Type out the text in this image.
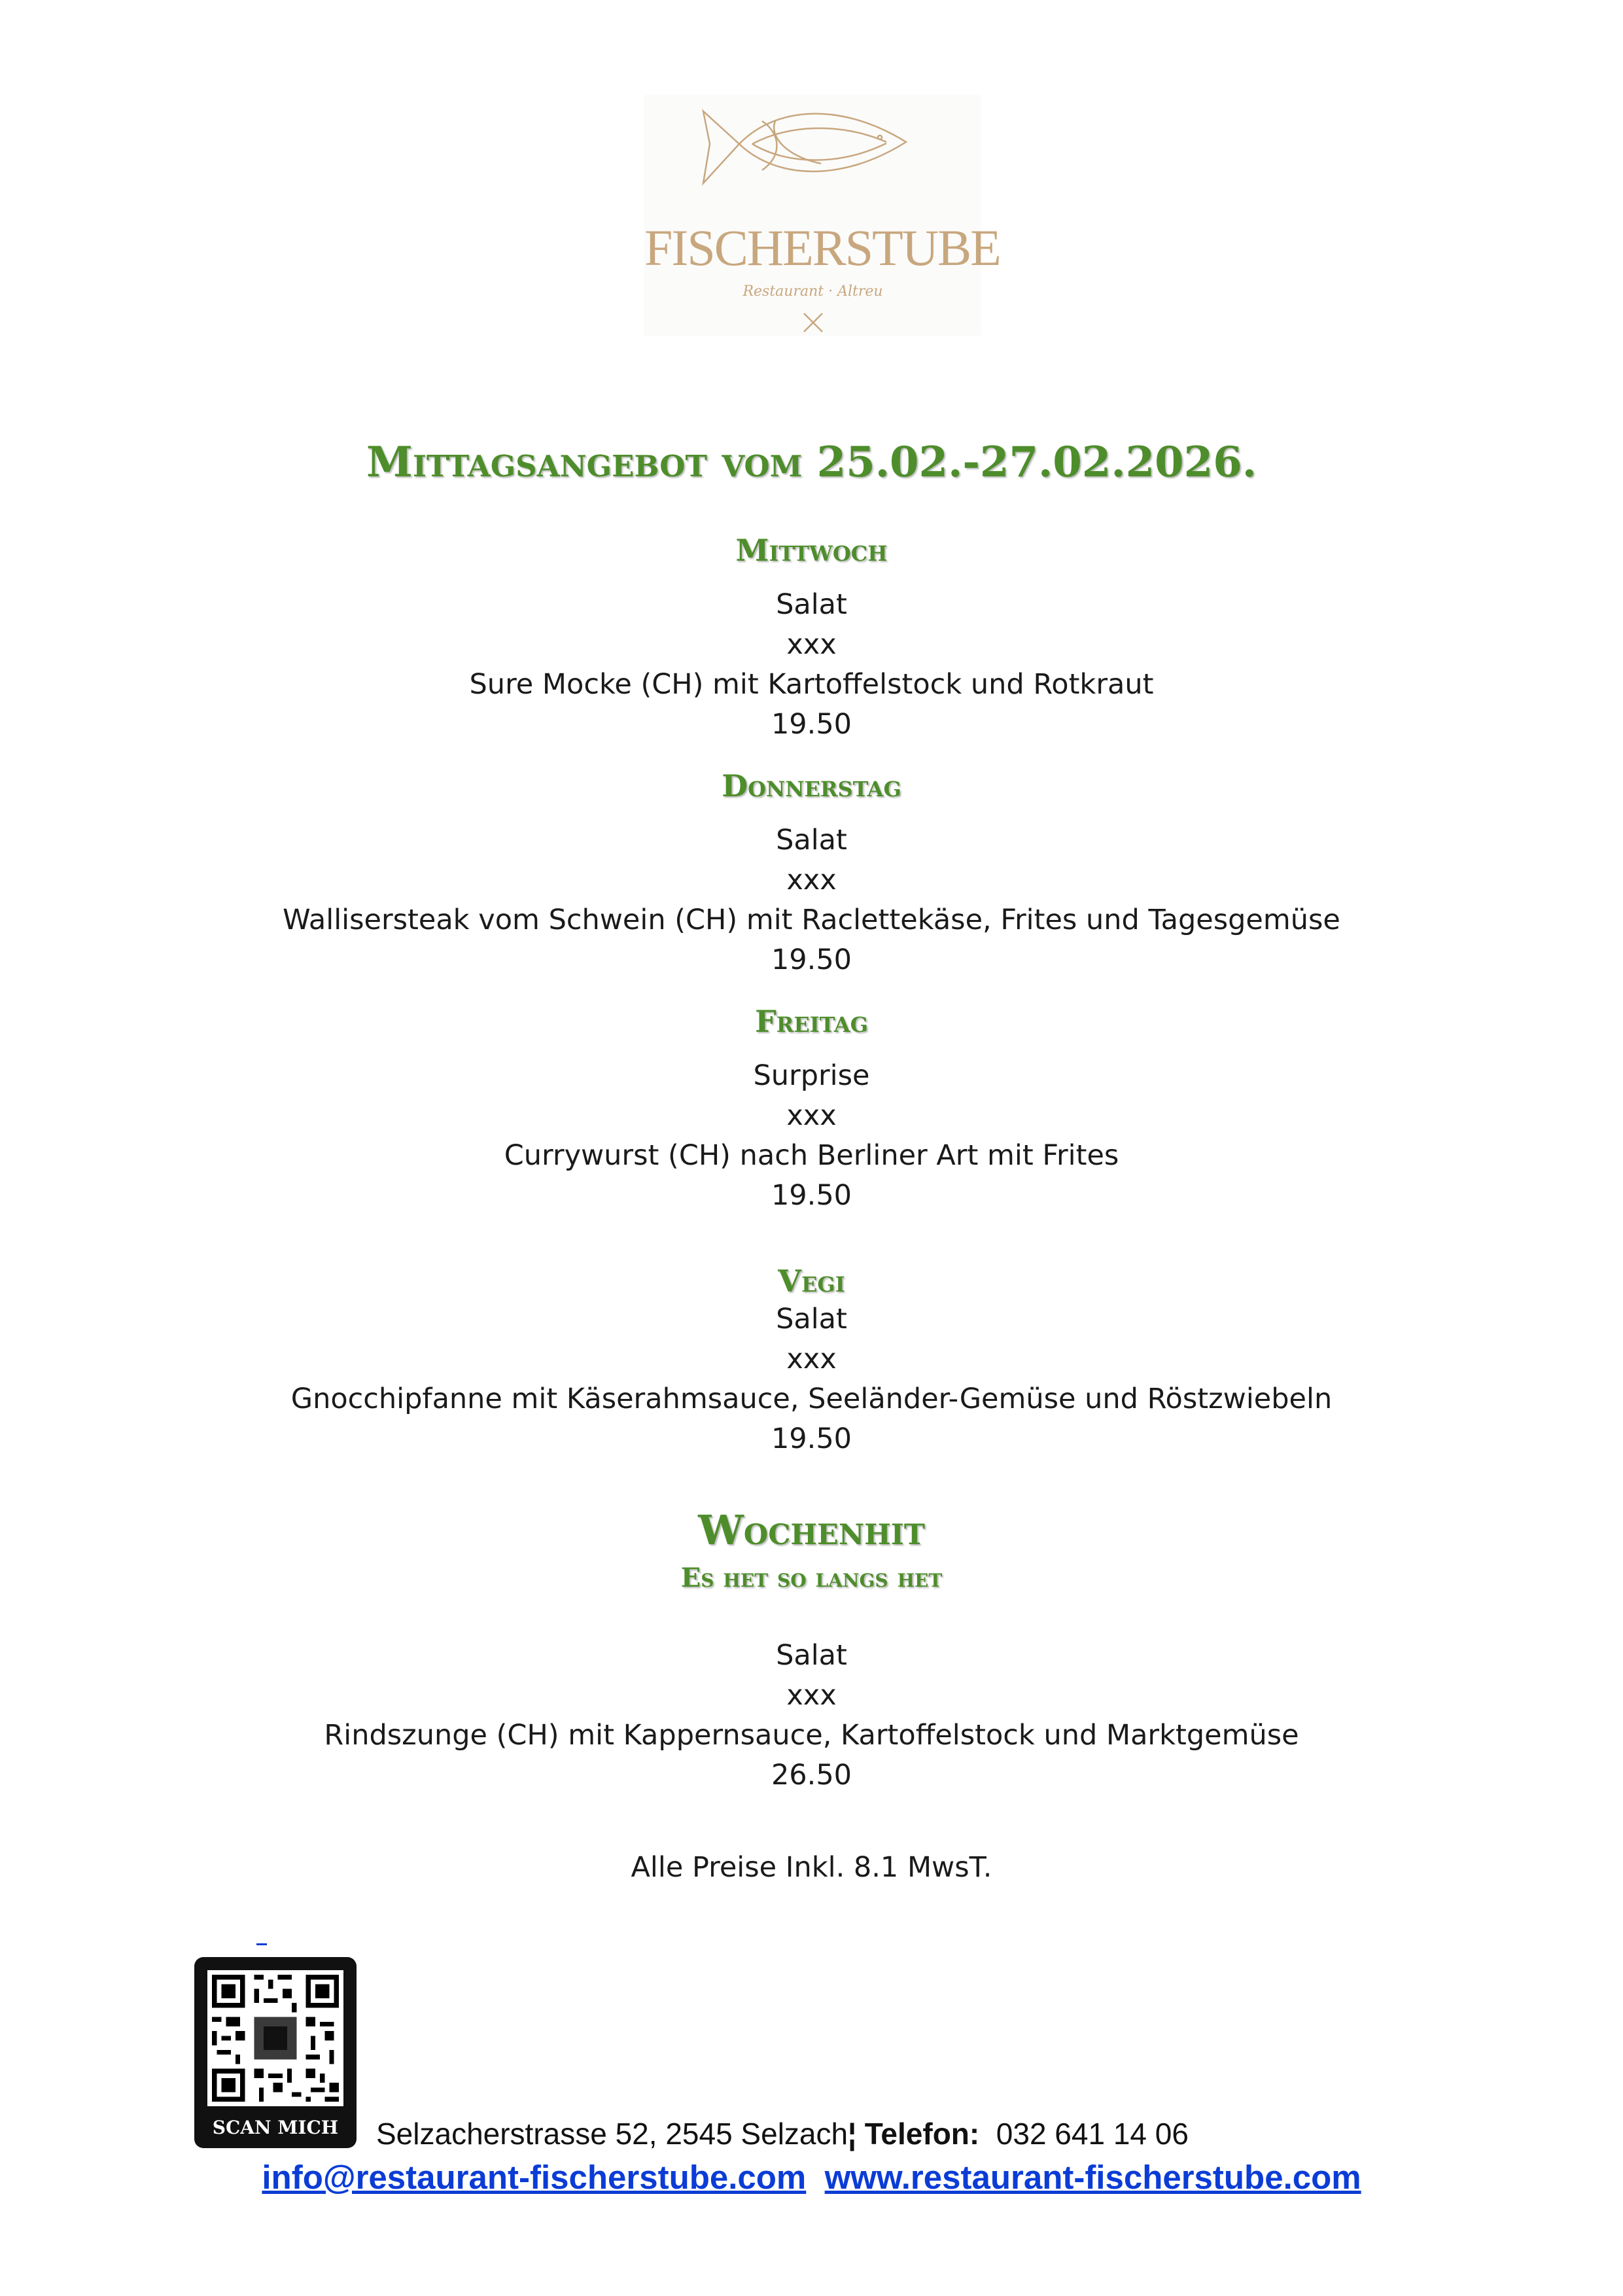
FISCHERSTUBE
Restaurant · Altreu
Mittagsangebot vom 25.02.-27.02.2026.
Mittwoch
Salat
xxx
Sure Mocke (CH) mit Kartoffelstock und Rotkraut
19.50
Donnerstag
Salat
xxx
Wallisersteak vom Schwein (CH) mit Raclettekäse, Frites und Tagesgemüse
19.50
Freitag
Surprise
xxx
Currywurst (CH) nach Berliner Art mit Frites
19.50
Vegi
Salat
xxx
Gnocchipfanne mit Käserahmsauce, Seeländer-Gemüse und Röstzwiebeln
19.50
Wochenhit
Es het so langs het
Salat
xxx
Rindszunge (CH) mit Kappernsauce, Kartoffelstock und Marktgemüse
26.50
Alle Preise Inkl. 8.1 MwsT.
SCAN MICH	Selzacherstrasse 52, 2545 Selzach¦ Telefon: 032 641 14 06
info@restaurant-fischerstube.com www.restaurant-fischerstube.com
